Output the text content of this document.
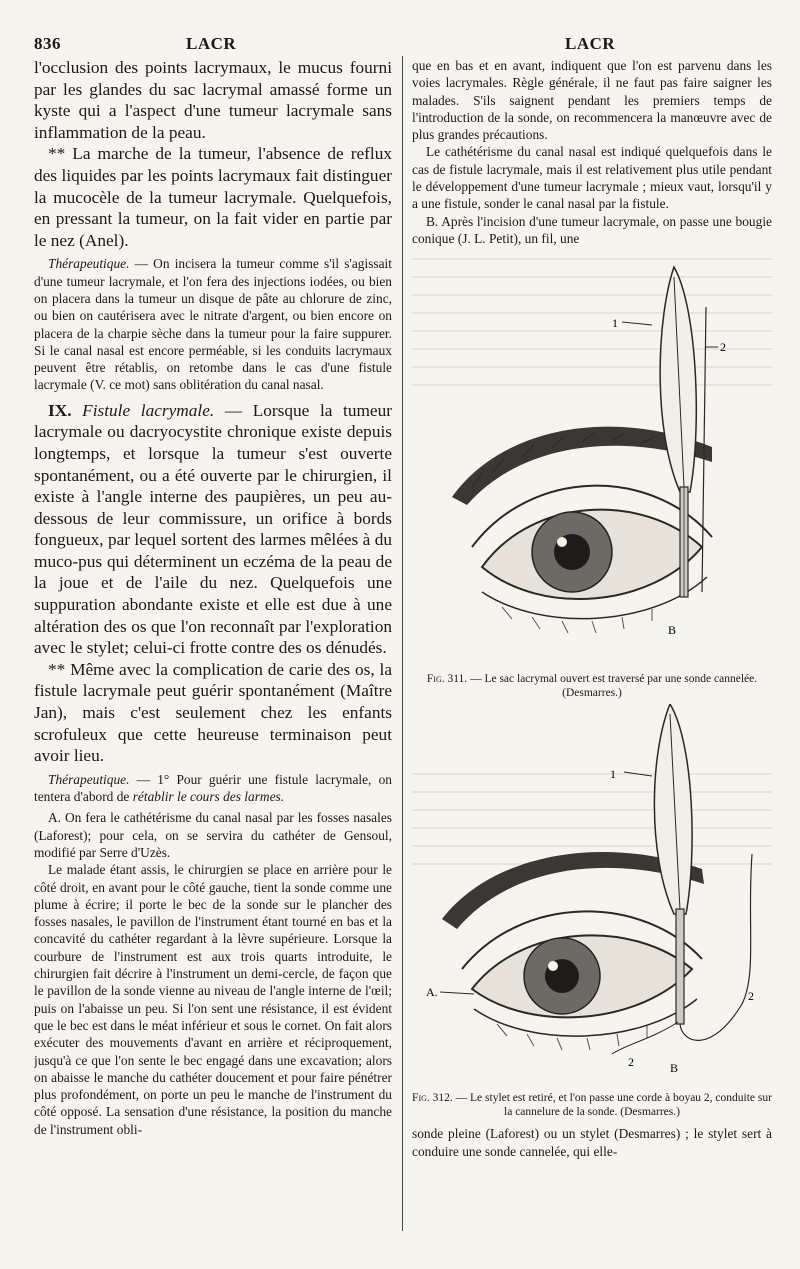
836	LACR	LACR

l'occlusion des points lacrymaux, le mucus fourni par les glandes du sac lacrymal amassé forme un kyste qui a l'aspect d'une tumeur lacrymale sans inflammation de la peau.

** La marche de la tumeur, l'absence de reflux des liquides par les points lacrymaux fait distinguer la mucocèle de la tumeur lacrymale. Quelquefois, en pressant la tumeur, on la fait vider en partie par le nez (Anel).

Thérapeutique. — On incisera la tumeur comme s'il s'agissait d'une tumeur lacrymale, et l'on fera des injections iodées, ou bien on placera dans la tumeur un disque de pâte au chlorure de zinc, ou bien on cautérisera avec le nitrate d'argent, ou bien encore on placera de la charpie sèche dans la tumeur pour la faire suppurer. Si le canal nasal est encore perméable, si les conduits lacrymaux peuvent être rétablis, on retombe dans le cas d'une fistule lacrymale (V. ce mot) sans oblitération du canal nasal.

IX. Fistule lacrymale. — Lorsque la tumeur lacrymale ou dacryocystite chronique existe depuis longtemps, et lorsque la tumeur s'est ouverte spontanément, ou a été ouverte par le chirurgien, il existe à l'angle interne des paupières, un peu au-dessous de leur commissure, un orifice à bords fongueux, par lequel sortent des larmes mêlées à du muco-pus qui déterminent un eczéma de la peau de la joue et de l'aile du nez. Quelquefois une suppuration abondante existe et elle est due à une altération des os que l'on reconnaît par l'exploration avec le stylet; celui-ci frotte contre des os dénudés.

** Même avec la complication de carie des os, la fistule lacrymale peut guérir spontanément (Maître Jan), mais c'est seulement chez les enfants scrofuleux que cette heureuse terminaison peut avoir lieu.

Thérapeutique. — 1° Pour guérir une fistule lacrymale, on tentera d'abord de rétablir le cours des larmes.

A. On fera le cathétérisme du canal nasal par les fosses nasales (Laforest); pour cela, on se servira du cathéter de Gensoul, modifié par Serre d'Uzès.

Le malade étant assis, le chirurgien se place en arrière pour le côté droit, en avant pour le côté gauche, tient la sonde comme une plume à écrire; il porte le bec de la sonde sur le plancher des fosses nasales, le pavillon de l'instrument étant tourné en bas et la concavité du cathéter regardant à la lèvre supérieure. Lorsque la courbure de l'instrument est aux trois quarts introduite, le chirurgien fait décrire à l'instrument un demi-cercle, de façon que le pavillon de la sonde vienne au niveau de l'angle interne de l'œil; puis on l'abaisse un peu. Si l'on sent une résistance, il est évident que le bec est dans le méat inférieur et sous le cornet. On fait alors exécuter des mouvements d'avant en arrière et réciproquement, jusqu'à ce que l'on sente le bec engagé dans une excavation; alors on abaisse le manche du cathéter doucement et pour faire pénétrer plus profondément, on porte un peu le manche de l'instrument du côté opposé. La sensation d'une résistance, la position du manche de l'instrument obli-

que en bas et en avant, indiquent que l'on est parvenu dans les voies lacrymales. Règle générale, il ne faut pas faire saigner les malades. S'ils saignent pendant les premiers temps de l'introduction de la sonde, on recommencera la manœuvre avec de plus grandes précautions.

Le cathétérisme du canal nasal est indiqué quelquefois dans le cas de fistule lacrymale, mais il est relativement plus utile pendant le développement d'une tumeur lacrymale ; mieux vaut, lorsqu'il y a une fistule, sonder le canal nasal par la fistule.

B. Après l'incision d'une tumeur lacrymale, on passe une bougie conique (J. L. Petit), un fil, une

1
2
B
Fig. 311. — Le sac lacrymal ouvert est traversé par une sonde cannelée. (Desmarres.)
1
A.	2
2	B
Fig. 312. — Le stylet est retiré, et l'on passe une corde à boyau 2, conduite sur la cannelure de la sonde. (Desmarres.)

sonde pleine (Laforest) ou un stylet (Desmarres) ; le stylet sert à conduire une sonde cannelée, qui elle-
